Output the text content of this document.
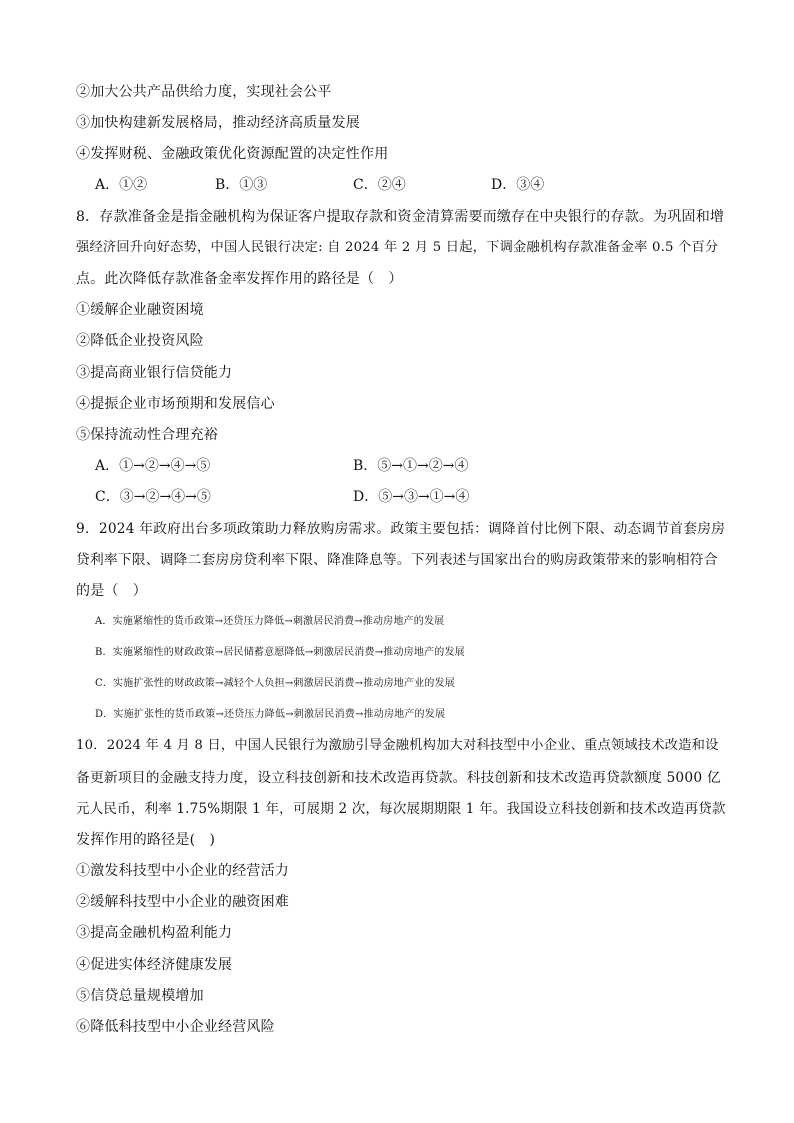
②加大公共产品供给力度，实现社会公平
③加快构建新发展格局，推动经济高质量发展
④发挥财税、金融政策优化资源配置的决定性作用
A．①②	B．①③	C．②④	D．③④
8．存款准备金是指金融机构为保证客户提取存款和资金清算需要而缴存在中央银行的存款。为巩固和增
强经济回升向好态势，中国人民银行决定: 自 2024 年 2 月 5 日起，下调金融机构存款准备金率 0.5 个百分
点。此次降低存款准备金率发挥作用的路径是（　）
①缓解企业融资困境
②降低企业投资风险
③提高商业银行信贷能力
④提振企业市场预期和发展信心
⑤保持流动性合理充裕
A．①→②→④→⑤	B．⑤→①→②→④
C．③→②→④→⑤	D．⑤→③→①→④
9．2024 年政府出台多项政策助力释放购房需求。政策主要包括：调降首付比例下限、动态调节首套房房
贷利率下限、调降二套房房贷利率下限、降准降息等。下列表述与国家出台的购房政策带来的影响相符合
的是（　）
A．实施紧缩性的货币政策→还贷压力降低→刺激居民消费→推动房地产的发展
B．实施紧缩性的财政政策→居民储蓄意愿降低→刺激居民消费→推动房地产的发展
C．实施扩张性的财政政策→减轻个人负担→刺激居民消费→推动房地产业的发展
D．实施扩张性的货币政策→还贷压力降低→刺激居民消费→推动房地产的发展
10．2024 年 4 月 8 日，中国人民银行为激励引导金融机构加大对科技型中小企业、重点领域技术改造和设
备更新项目的金融支持力度，设立科技创新和技术改造再贷款。科技创新和技术改造再贷款额度 5000 亿
元人民币，利率 1.75%期限 1 年，可展期 2 次，每次展期期限 1 年。我国设立科技创新和技术改造再贷款
发挥作用的路径是(　)
①激发科技型中小企业的经营活力
②缓解科技型中小企业的融资困难
③提高金融机构盈利能力
④促进实体经济健康发展
⑤信贷总量规模增加
⑥降低科技型中小企业经营风险
